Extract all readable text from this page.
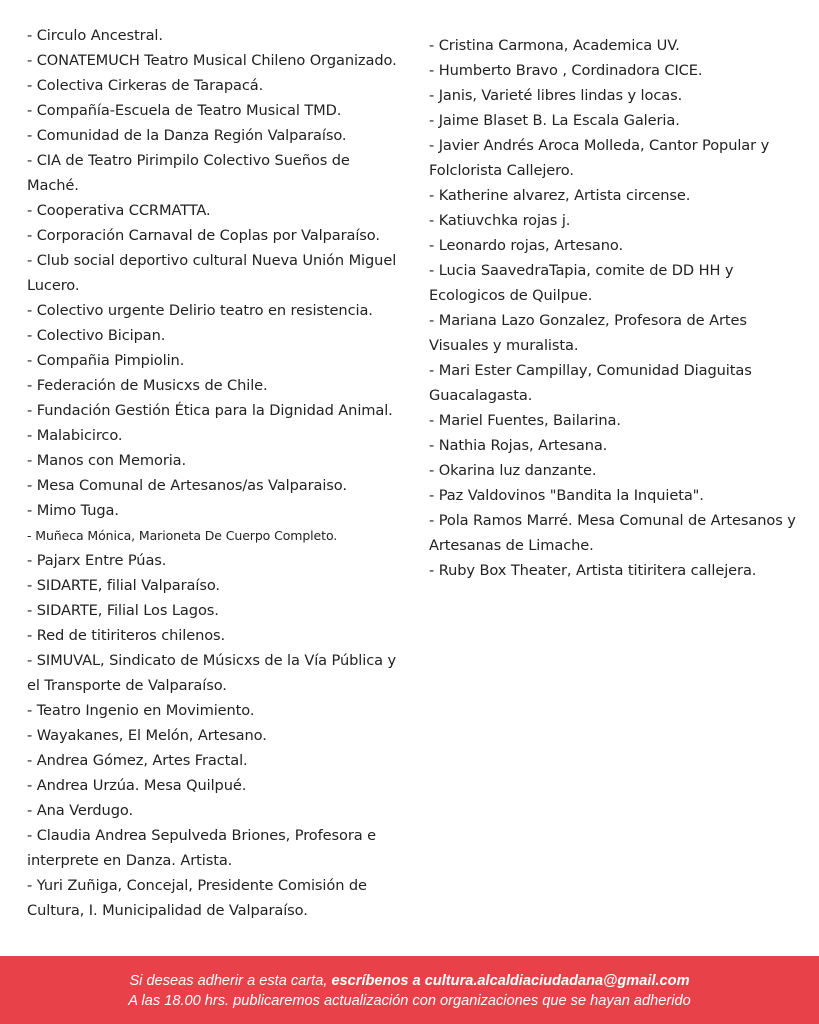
- Circulo Ancestral.

- CONATEMUCH Teatro Musical Chileno Organizado.

- Colectiva Cirkeras de Tarapacá.

- Compañía-Escuela de Teatro Musical TMD.

- Comunidad de la Danza Región Valparaíso.

- CIA de Teatro Pirimpilo Colectivo Sueños de Maché.

- Cooperativa CCRMATTA.

- Corporación Carnaval de Coplas por Valparaíso.

- Club social deportivo cultural Nueva Unión Miguel Lucero.

- Colectivo urgente Delirio teatro en resistencia.

- Colectivo Bicipan.

- Compañia Pimpiolin.

- Federación de Musicxs de Chile.

- Fundación Gestión Ética para la Dignidad Animal.

- Malabicirco.

- Manos con Memoria.

- Mesa Comunal de Artesanos/as Valparaiso.

- Mimo Tuga.

- Muñeca Mónica, Marioneta De Cuerpo Completo.

- Pajarx Entre Púas.

- SIDARTE, filial Valparaíso.

- SIDARTE, Filial Los Lagos.

- Red de titiriteros chilenos.

- SIMUVAL, Sindicato de Músicxs de la Vía Pública y el Transporte de Valparaíso.

- Teatro Ingenio en Movimiento.

- Wayakanes, El Melón, Artesano.

- Andrea Gómez, Artes Fractal.

- Andrea Urzúa. Mesa Quilpué.

- Ana Verdugo.

- Claudia Andrea Sepulveda Briones, Profesora e interprete en Danza. Artista.

- Yuri Zuñiga, Concejal, Presidente Comisión de Cultura, I. Municipalidad de Valparaíso.

- Cristina Carmona, Academica UV.

- Humberto Bravo , Cordinadora CICE.

- Janis, Varieté libres lindas y locas.

- Jaime Blaset B. La Escala Galeria.

- Javier Andrés Aroca Molleda, Cantor Popular y Folclorista Callejero.

- Katherine alvarez, Artista circense.

- Katiuvchka rojas j.

- Leonardo rojas, Artesano.

- Lucia SaavedraTapia, comite de DD HH y Ecologicos de Quilpue.

- Mariana Lazo Gonzalez, Profesora de Artes Visuales y muralista.

- Mari Ester Campillay, Comunidad Diaguitas Guacalagasta.

- Mariel Fuentes, Bailarina.

- Nathia Rojas, Artesana.

- Okarina luz danzante.

- Paz Valdovinos "Bandita la Inquieta".

- Pola Ramos Marré. Mesa Comunal de Artesanos y Artesanas de Limache.

- Ruby Box Theater, Artista titiritera callejera.

Si deseas adherir a esta carta, escríbenos a cultura.alcaldiaciudadana@gmail.com
A las 18.00 hrs. publicaremos actualización con organizaciones que se hayan adherido
